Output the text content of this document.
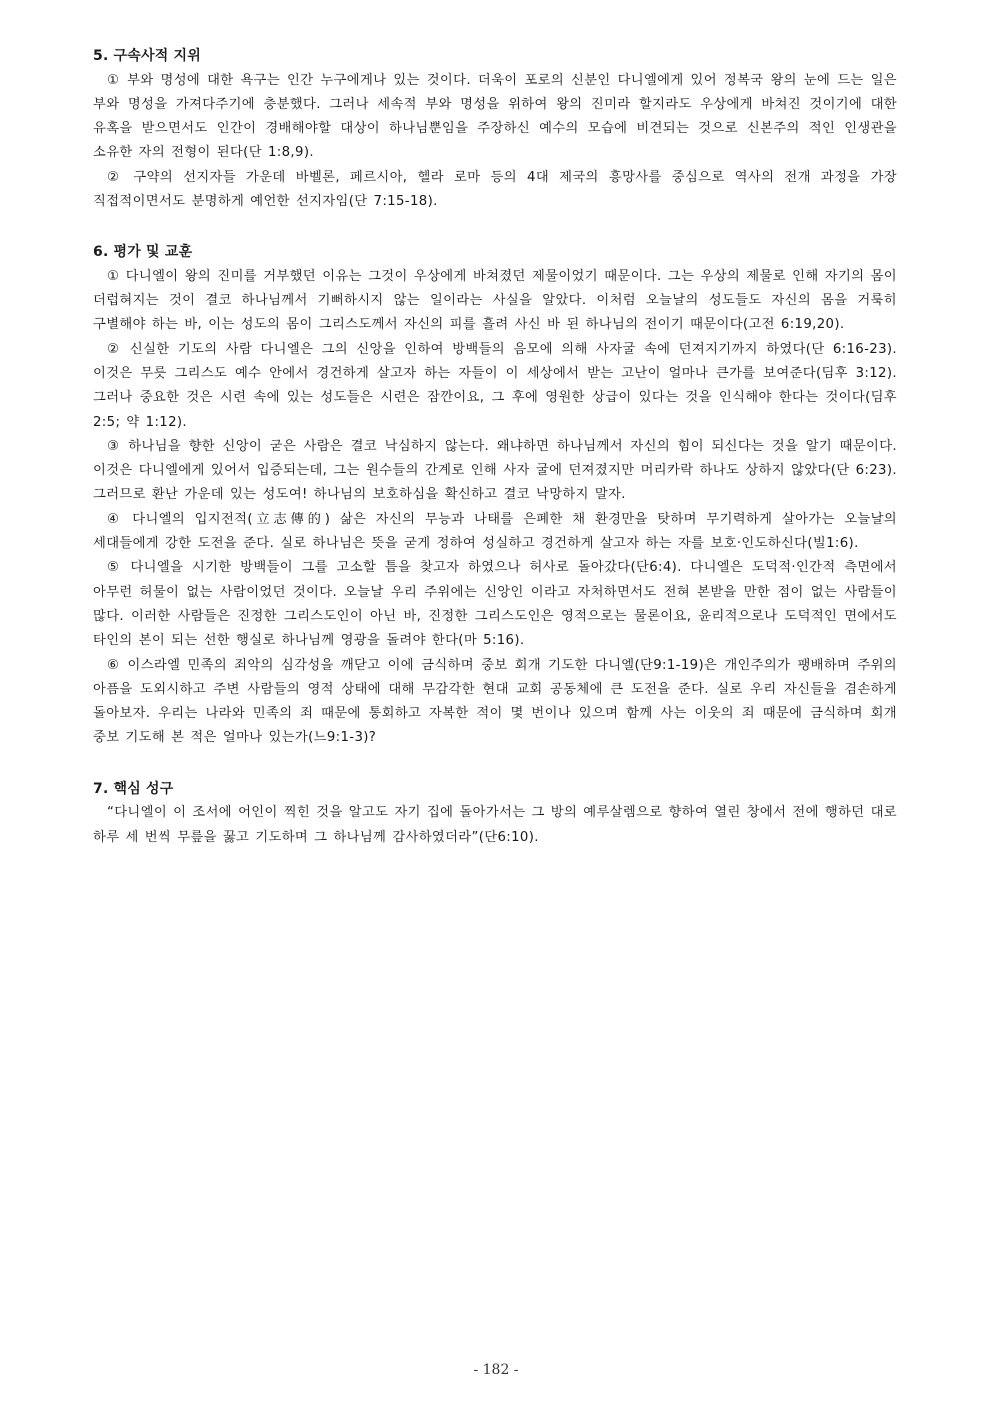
5. 구속사적 지위

① 부와 명성에 대한 욕구는 인간 누구에게나 있는 것이다. 더욱이 포로의 신분인 다니엘에게 있어 정복국 왕의 눈에 드는 일은 부와 명성을 가져다주기에 충분했다. 그러나 세속적 부와 명성을 위하여 왕의 진미라 할지라도 우상에게 바쳐진 것이기에 대한 유혹을 받으면서도 인간이 경배해야할 대상이 하나님뿐임을 주장하신 예수의 모습에 비견되는 것으로 신본주의 적인 인생관을 소유한 자의 전형이 된다(단 1:8,9).

② 구약의 선지자들 가운데 바벨론, 페르시아, 헬라 로마 등의 4대 제국의 흥망사를 중심으로 역사의 전개 과정을 가장 직접적이면서도 분명하게 예언한 선지자임(단 7:15-18).

6. 평가 및 교훈

① 다니엘이 왕의 진미를 거부했던 이유는 그것이 우상에게 바쳐졌던 제물이었기 때문이다. 그는 우상의 제물로 인해 자기의 몸이 더럽혀지는 것이 결코 하나님께서 기뻐하시지 않는 일이라는 사실을 알았다. 이처럼 오늘날의 성도들도 자신의 몸을 거룩히 구별해야 하는 바, 이는 성도의 몸이 그리스도께서 자신의 피를 흘려 사신 바 된 하나님의 전이기 때문이다(고전 6:19,20).

② 신실한 기도의 사람 다니엘은 그의 신앙을 인하여 방백들의 음모에 의해 사자굴 속에 던져지기까지 하였다(단 6:16-23). 이것은 무릇 그리스도 예수 안에서 경건하게 살고자 하는 자들이 이 세상에서 받는 고난이 얼마나 큰가를 보여준다(딤후 3:12). 그러나 중요한 것은 시련 속에 있는 성도들은 시련은 잠깐이요, 그 후에 영원한 상급이 있다는 것을 인식해야 한다는 것이다(딤후 2:5; 약 1:12).

③ 하나님을 향한 신앙이 굳은 사람은 결코 낙심하지 않는다. 왜냐하면 하나님께서 자신의 힘이 되신다는 것을 알기 때문이다. 이것은 다니엘에게 있어서 입증되는데, 그는 원수들의 간계로 인해 사자 굴에 던져졌지만 머리카락 하나도 상하지 않았다(단 6:23). 그러므로 환난 가운데 있는 성도여! 하나님의 보호하심을 확신하고 결코 낙망하지 말자.

④ 다니엘의 입지전적(立志傳的) 삶은 자신의 무능과 나태를 은폐한 채 환경만을 탓하며 무기력하게 살아가는 오늘날의 세대들에게 강한 도전을 준다. 실로 하나님은 뜻을 굳게 정하여 성실하고 경건하게 살고자 하는 자를 보호·인도하신다(빌1:6).

⑤ 다니엘을 시기한 방백들이 그를 고소할 틈을 찾고자 하였으나 허사로 돌아갔다(단6:4). 다니엘은 도덕적·인간적 측면에서 아무런 허물이 없는 사람이었던 것이다. 오늘날 우리 주위에는 신앙인 이라고 자처하면서도 전혀 본받을 만한 점이 없는 사람들이 많다. 이러한 사람들은 진정한 그리스도인이 아닌 바, 진정한 그리스도인은 영적으로는 물론이요, 윤리적으로나 도덕적인 면에서도 타인의 본이 되는 선한 행실로 하나님께 영광을 돌려야 한다(마 5:16).

⑥ 이스라엘 민족의 죄악의 심각성을 깨닫고 이에 금식하며 중보 회개 기도한 다니엘(단9:1-19)은 개인주의가 팽배하며 주위의 아픔을 도외시하고 주변 사람들의 영적 상태에 대해 무감각한 현대 교회 공동체에 큰 도전을 준다. 실로 우리 자신들을 겸손하게 돌아보자. 우리는 나라와 민족의 죄 때문에 통회하고 자복한 적이 몇 번이나 있으며 함께 사는 이웃의 죄 때문에 금식하며 회개 중보 기도해 본 적은 얼마나 있는가(느9:1-3)?

7. 핵심 성구

“다니엘이 이 조서에 어인이 찍힌 것을 알고도 자기 집에 돌아가서는 그 방의 예루살렘으로 향하여 열린 창에서 전에 행하던 대로 하루 세 번씩 무릎을 꿇고 기도하며 그 하나님께 감사하였더라”(단6:10).

- 182 -
